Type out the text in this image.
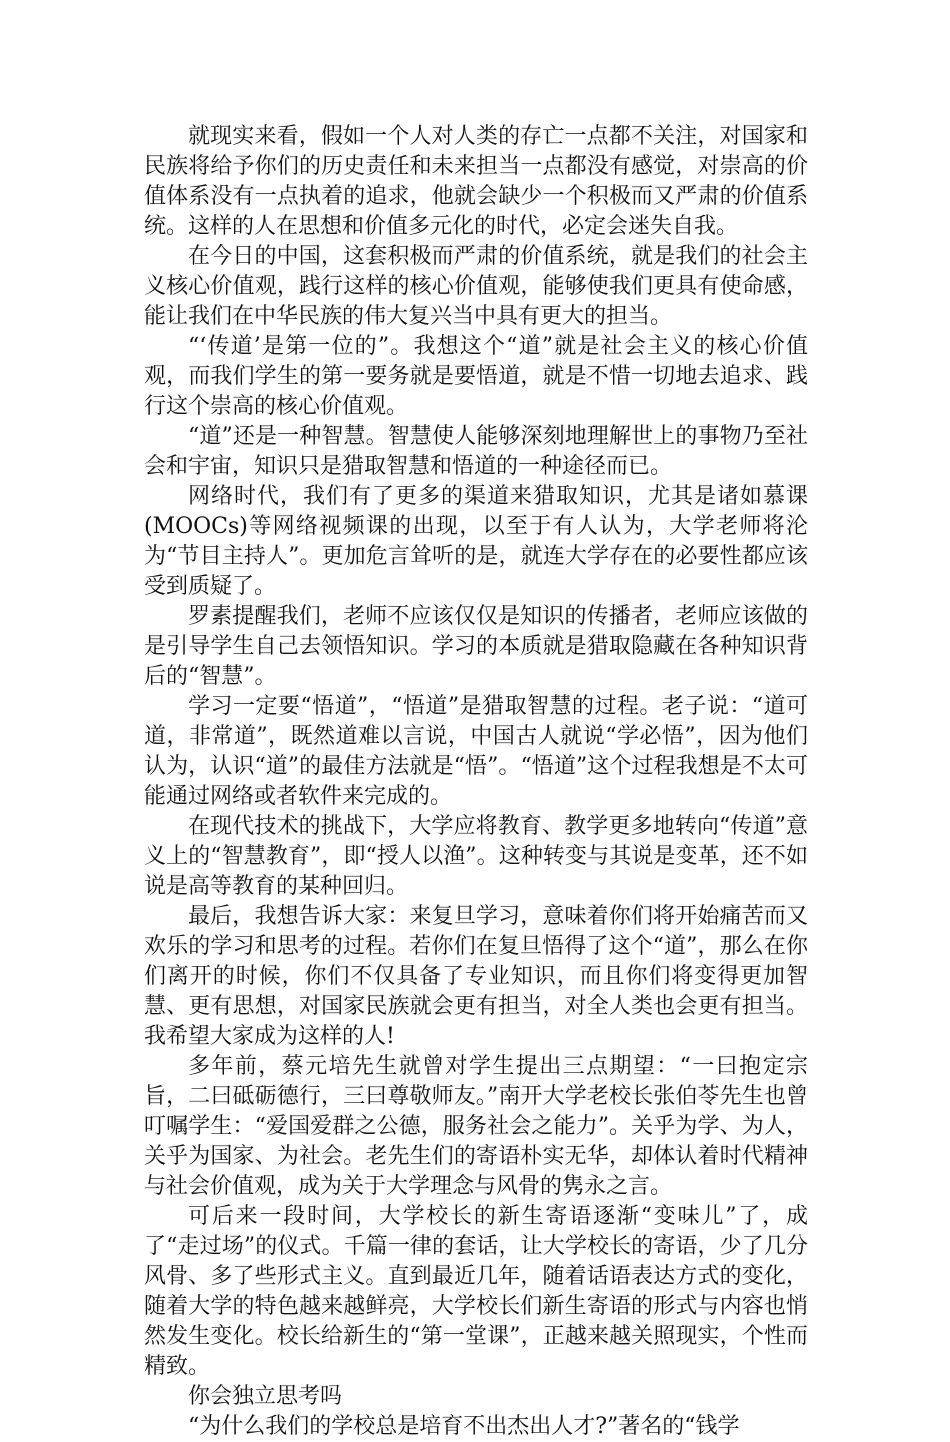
就现实来看，假如一个人对人类的存亡一点都不关注，对国家和民族将给予你们的历史责任和未来担当一点都没有感觉，对崇高的价值体系没有一点执着的追求，他就会缺少一个积极而又严肃的价值系统。这样的人在思想和价值多元化的时代，必定会迷失自我。

在今日的中国，这套积极而严肃的价值系统，就是我们的社会主义核心价值观，践行这样的核心价值观，能够使我们更具有使命感，能让我们在中华民族的伟大复兴当中具有更大的担当。

“‘传道’是第一位的”。我想这个“道”就是社会主义的核心价值观，而我们学生的第一要务就是要悟道，就是不惜一切地去追求、践行这个崇高的核心价值观。

“道”还是一种智慧。智慧使人能够深刻地理解世上的事物乃至社会和宇宙，知识只是猎取智慧和悟道的一种途径而已。

网络时代，我们有了更多的渠道来猎取知识，尤其是诸如慕课(MOOCs)等网络视频课的出现，以至于有人认为，大学老师将沦为“节目主持人”。更加危言耸听的是，就连大学存在的必要性都应该受到质疑了。

罗素提醒我们，老师不应该仅仅是知识的传播者，老师应该做的是引导学生自己去领悟知识。学习的本质就是猎取隐藏在各种知识背后的“智慧”。

学习一定要“悟道”，“悟道”是猎取智慧的过程。老子说：“道可道，非常道”，既然道难以言说，中国古人就说“学必悟”，因为他们认为，认识“道”的最佳方法就是“悟”。“悟道”这个过程我想是不太可能通过网络或者软件来完成的。

在现代技术的挑战下，大学应将教育、教学更多地转向“传道”意义上的“智慧教育”，即“授人以渔”。这种转变与其说是变革，还不如说是高等教育的某种回归。

最后，我想告诉大家：来复旦学习，意味着你们将开始痛苦而又欢乐的学习和思考的过程。若你们在复旦悟得了这个“道”，那么在你们离开的时候，你们不仅具备了专业知识，而且你们将变得更加智慧、更有思想，对国家民族就会更有担当，对全人类也会更有担当。我希望大家成为这样的人!

多年前，蔡元培先生就曾对学生提出三点期望：“一曰抱定宗旨，二曰砥砺德行，三曰尊敬师友。”南开大学老校长张伯苓先生也曾叮嘱学生：“爱国爱群之公德，服务社会之能力”。关乎为学、为人，关乎为国家、为社会。老先生们的寄语朴实无华，却体认着时代精神与社会价值观，成为关于大学理念与风骨的隽永之言。

可后来一段时间，大学校长的新生寄语逐渐“变味儿”了，成了“走过场”的仪式。千篇一律的套话，让大学校长的寄语，少了几分风骨、多了些形式主义。直到最近几年，随着话语表达方式的变化，随着大学的特色越来越鲜亮，大学校长们新生寄语的形式与内容也悄然发生变化。校长给新生的“第一堂课”，正越来越关照现实，个性而精致。

你会独立思考吗

“为什么我们的学校总是培育不出杰出人才?”著名的“钱学
